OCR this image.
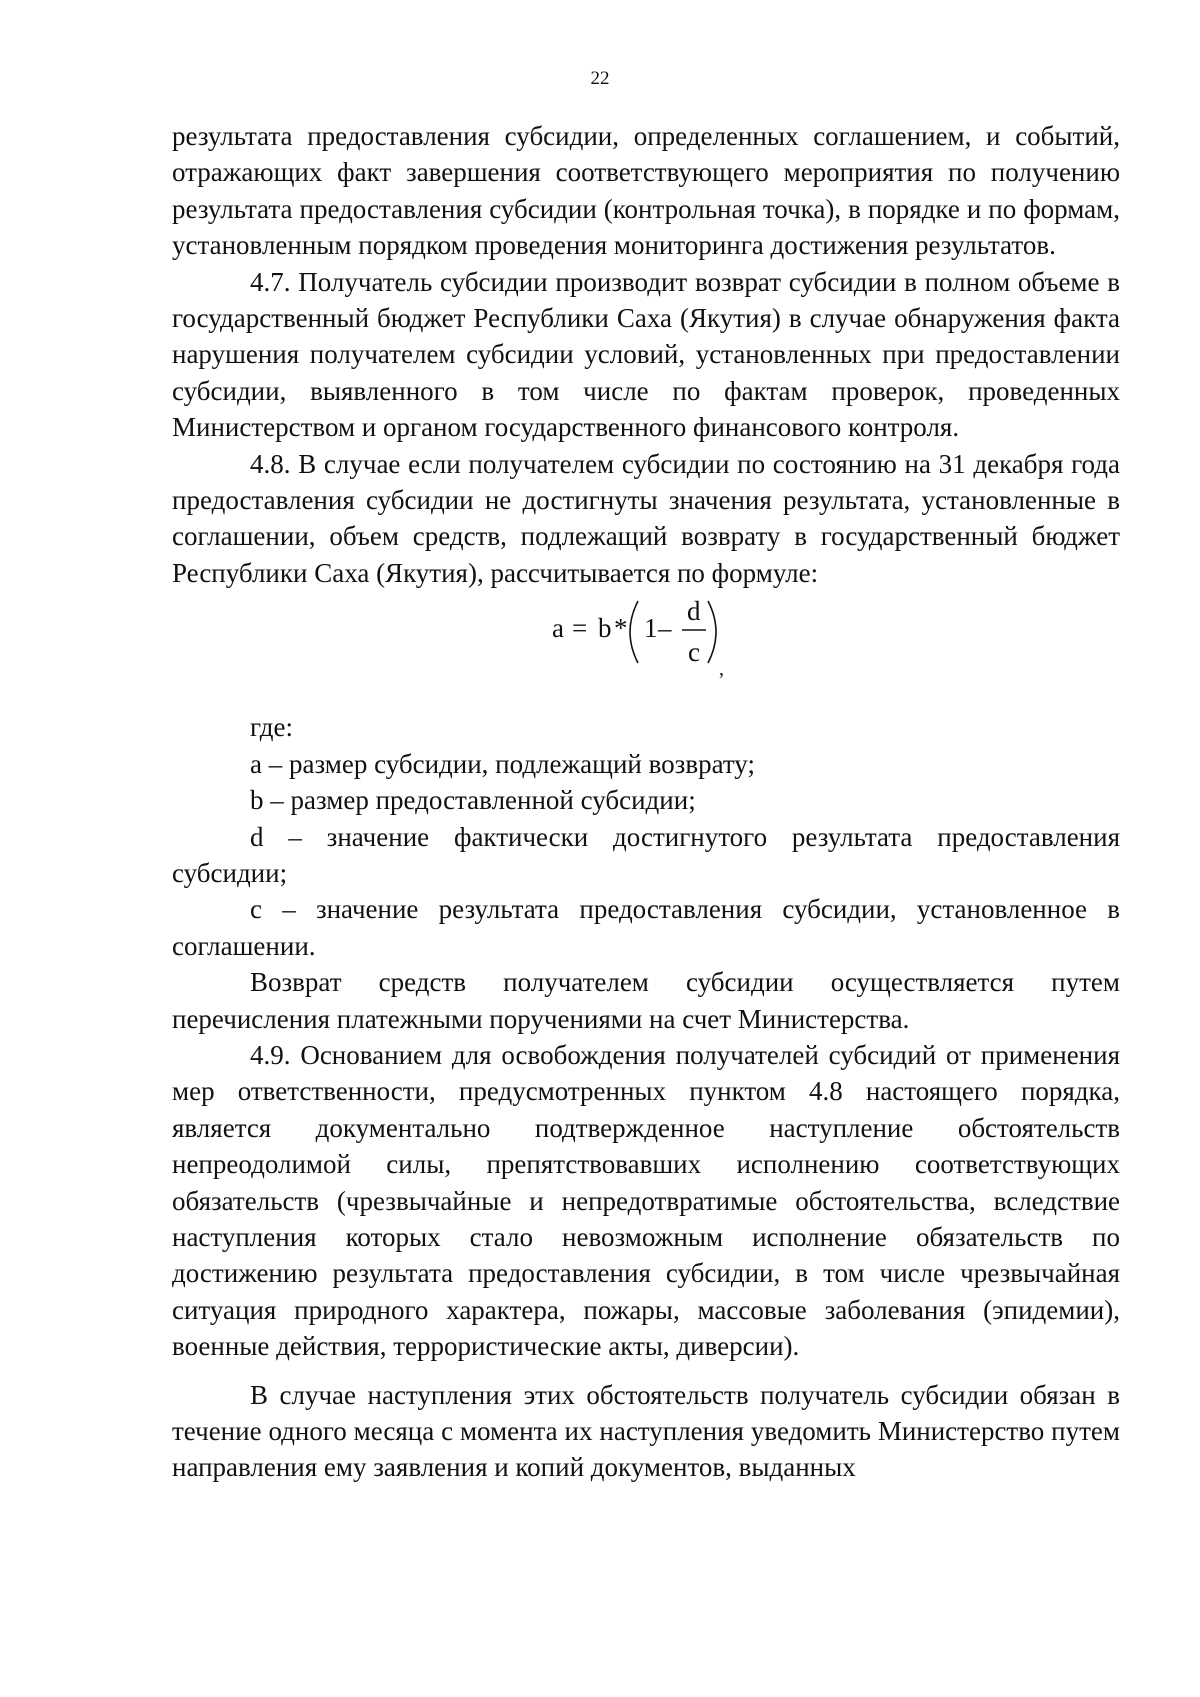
22

результата предоставления субсидии, определенных соглашением, и событий, отражающих факт завершения соответствующего мероприятия по получению результата предоставления субсидии (контрольная точка), в порядке и по формам, установленным порядком проведения мониторинга достижения результатов.

4.7. Получатель субсидии производит возврат субсидии в полном объеме в государственный бюджет Республики Саха (Якутия) в случае обнаружения факта нарушения получателем субсидии условий, установленных при предоставлении субсидии, выявленного в том числе по фактам проверок, проведенных Министерством и органом государственного финансового контроля.

4.8. В случае если получателем субсидии по состоянию на 31 декабря года предоставления субсидии не достигнуты значения результата, установленные в соглашении, объем средств, подлежащий возврату в государственный бюджет Республики Саха (Якутия), рассчитывается по формуле:

a = b * 1 –
d
c
,

где:

a – размер субсидии, подлежащий возврату;

b – размер предоставленной субсидии;

d – значение фактически достигнутого результата предоставления субсидии;

c – значение результата предоставления субсидии, установленное в соглашении.

Возврат средств получателем субсидии осуществляется путем перечисления платежными поручениями на счет Министерства.

4.9. Основанием для освобождения получателей субсидий от применения мер ответственности, предусмотренных пунктом 4.8 настоящего порядка, является документально подтвержденное наступление обстоятельств непреодолимой силы, препятствовавших исполнению соответствующих обязательств (чрезвычайные и непредотвратимые обстоятельства, вследствие наступления которых стало невозможным исполнение обязательств по достижению результата предоставления субсидии, в том числе чрезвычайная ситуация природного характера, пожары, массовые заболевания (эпидемии), военные действия, террористические акты, диверсии).

В случае наступления этих обстоятельств получатель субсидии обязан в течение одного месяца с момента их наступления уведомить Министерство путем направления ему заявления и копий документов, выданных
